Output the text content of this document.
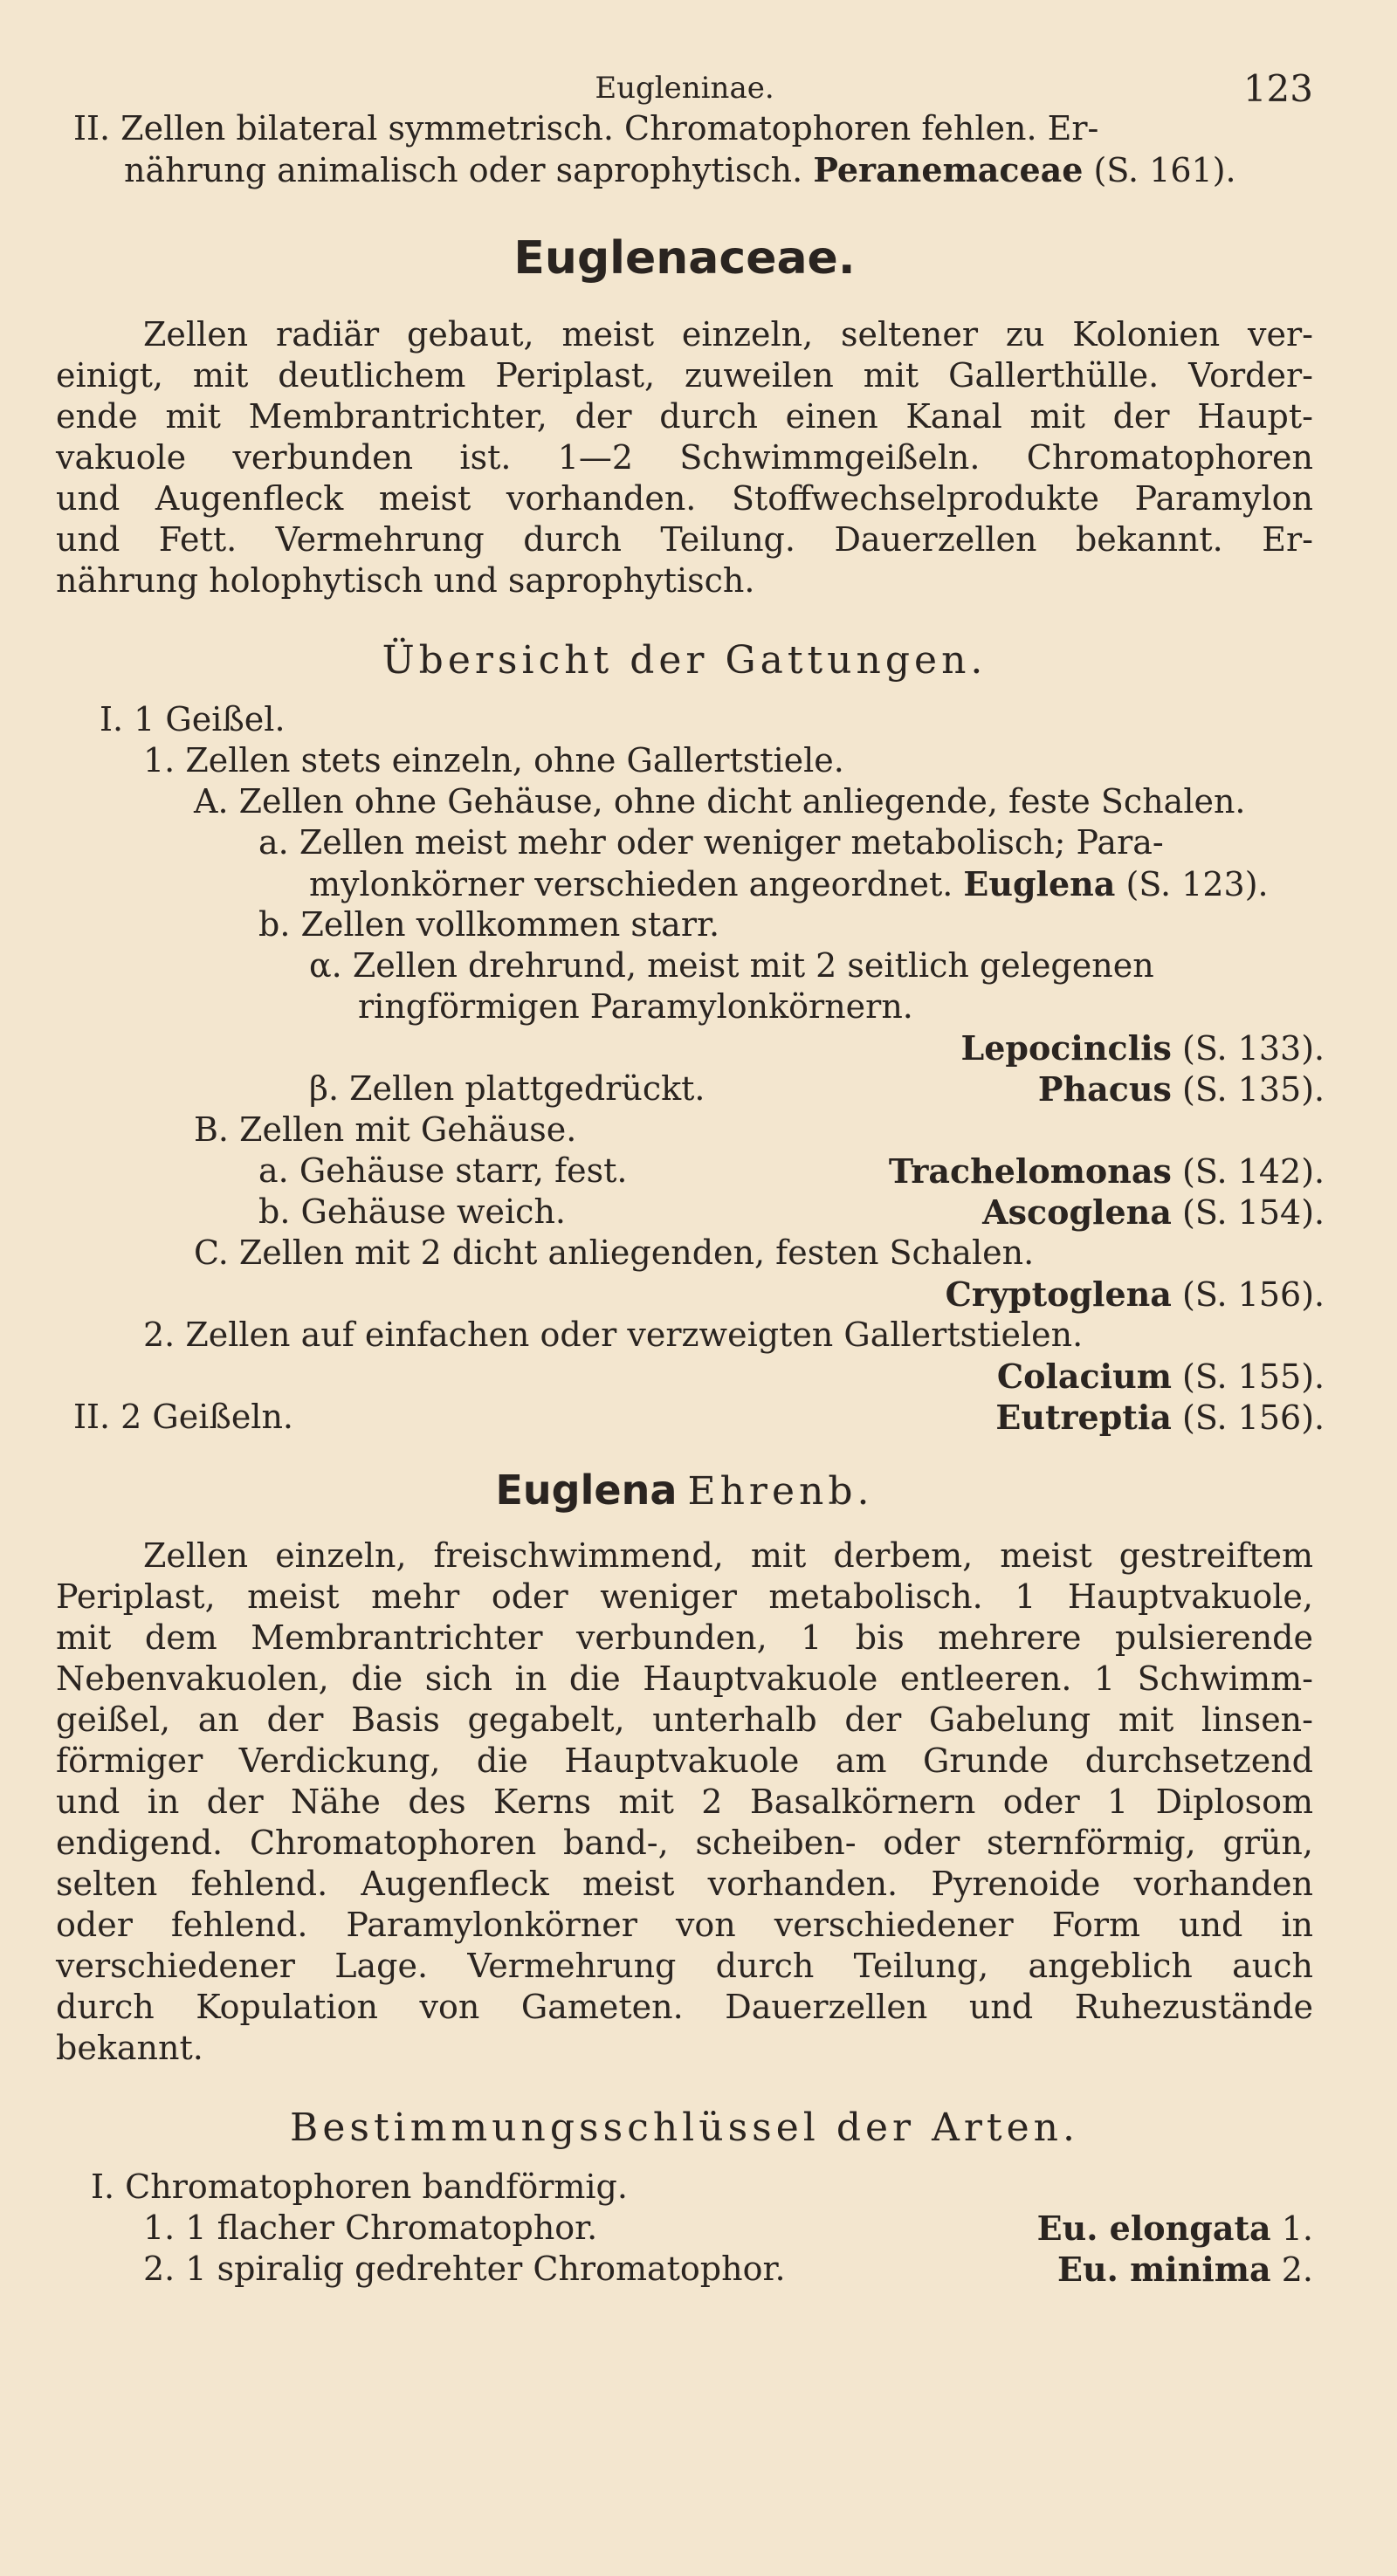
Eugleninae.	123
II. Zellen bilateral symmetrisch. Chromatophoren fehlen. Er-
nährung animalisch oder saprophytisch. Peranemaceae (S. 161).
Euglenaceae.
Zellen radiär gebaut, meist einzeln, seltener zu Kolonien ver-
einigt, mit deutlichem Periplast, zuweilen mit Gallerthülle. Vorder-
ende mit Membrantrichter, der durch einen Kanal mit der Haupt-
vakuole verbunden ist. 1—2 Schwimmgeißeln. Chromatophoren
und Augenfleck meist vorhanden. Stoffwechselprodukte Paramylon
und Fett. Vermehrung durch Teilung. Dauerzellen bekannt. Er-
nährung holophytisch und saprophytisch.
Übersicht der Gattungen.
I. 1 Geißel.
1. Zellen stets einzeln, ohne Gallertstiele.
A. Zellen ohne Gehäuse, ohne dicht anliegende, feste Schalen.
a. Zellen meist mehr oder weniger metabolisch; Para-
mylonkörner verschieden angeordnet. Euglena (S. 123).
b. Zellen vollkommen starr.
α. Zellen drehrund, meist mit 2 seitlich gelegenen
ringförmigen Paramylonkörnern.
Lepocinclis (S. 133).
β. Zellen plattgedrückt.	Phacus (S. 135).
B. Zellen mit Gehäuse.
a. Gehäuse starr, fest.	Trachelomonas (S. 142).
b. Gehäuse weich.	Ascoglena (S. 154).
C. Zellen mit 2 dicht anliegenden, festen Schalen.
Cryptoglena (S. 156).
2. Zellen auf einfachen oder verzweigten Gallertstielen.
Colacium (S. 155).
II. 2 Geißeln.	Eutreptia (S. 156).
Euglena Ehrenb.
Zellen einzeln, freischwimmend, mit derbem, meist gestreiftem
Periplast, meist mehr oder weniger metabolisch. 1 Hauptvakuole,
mit dem Membrantrichter verbunden, 1 bis mehrere pulsierende
Nebenvakuolen, die sich in die Hauptvakuole entleeren. 1 Schwimm-
geißel, an der Basis gegabelt, unterhalb der Gabelung mit linsen-
förmiger Verdickung, die Hauptvakuole am Grunde durchsetzend
und in der Nähe des Kerns mit 2 Basalkörnern oder 1 Diplosom
endigend. Chromatophoren band-, scheiben- oder sternförmig, grün,
selten fehlend. Augenfleck meist vorhanden. Pyrenoide vorhanden
oder fehlend. Paramylonkörner von verschiedener Form und in
verschiedener Lage. Vermehrung durch Teilung, angeblich auch
durch Kopulation von Gameten. Dauerzellen und Ruhezustände
bekannt.
Bestimmungsschlüssel der Arten.
I. Chromatophoren bandförmig.
1. 1 flacher Chromatophor.	Eu. elongata 1.
2. 1 spiralig gedrehter Chromatophor.	Eu. minima 2.
